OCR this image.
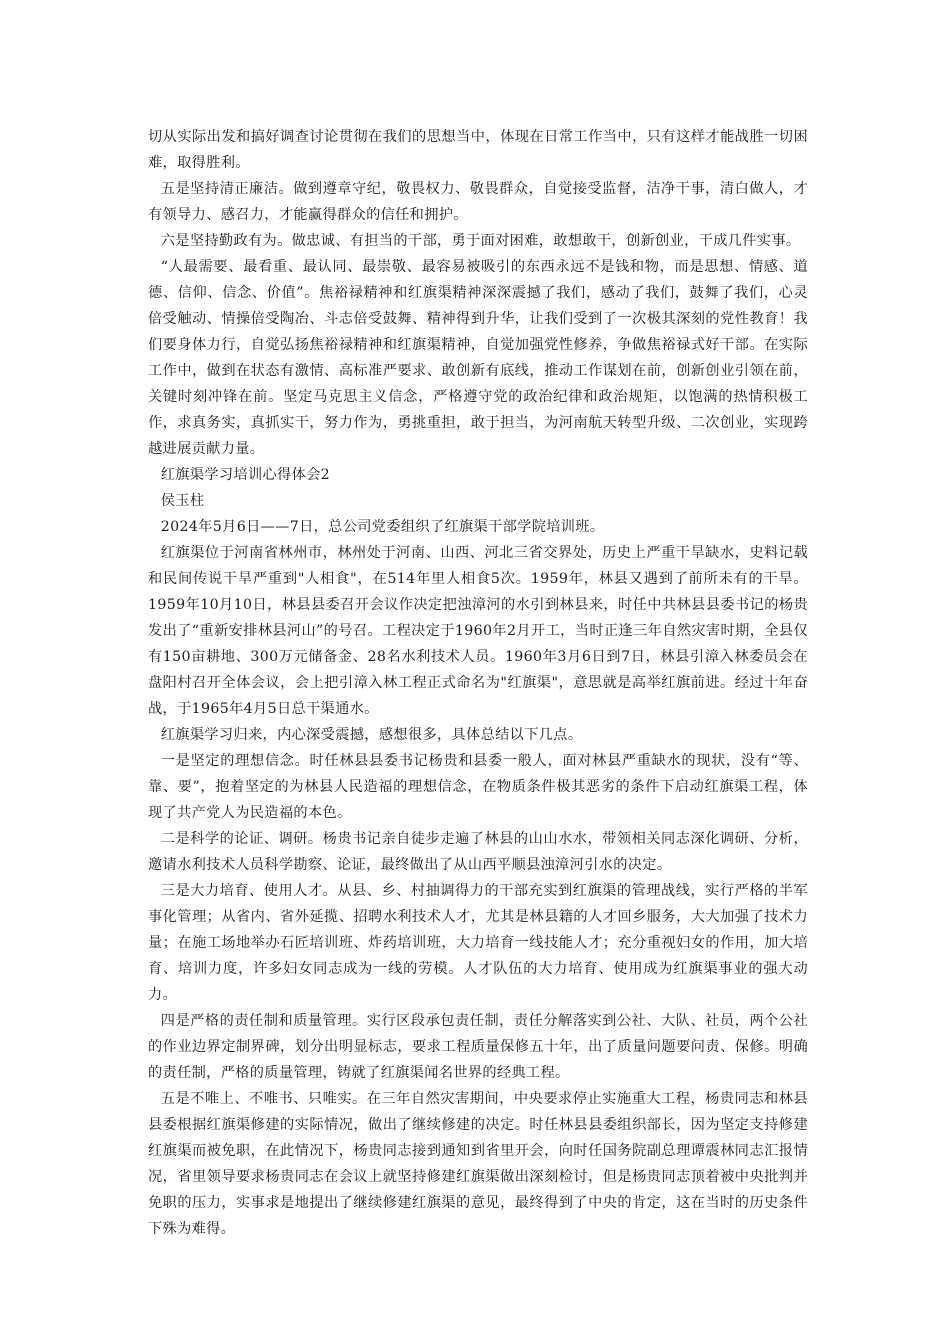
切从实际出发和搞好调查讨论贯彻在我们的思想当中，体现在日常工作当中，只有这样才能战胜一切困难，取得胜利。

五是坚持清正廉洁。做到遵章守纪，敬畏权力、敬畏群众，自觉接受监督，洁净干事，清白做人，才有领导力、感召力，才能赢得群众的信任和拥护。

六是坚持勤政有为。做忠诚、有担当的干部，勇于面对困难，敢想敢干，创新创业，干成几件实事。

“人最需要、最看重、最认同、最崇敬、最容易被吸引的东西永远不是钱和物，而是思想、情感、道德、信仰、信念、价值”。焦裕禄精神和红旗渠精神深深震撼了我们，感动了我们，鼓舞了我们，心灵倍受触动、情操倍受陶冶、斗志倍受鼓舞、精神得到升华，让我们受到了一次极其深刻的党性教育！我们要身体力行，自觉弘扬焦裕禄精神和红旗渠精神，自觉加强党性修养，争做焦裕禄式好干部。在实际工作中，做到在状态有激情、高标准严要求、敢创新有底线，推动工作谋划在前，创新创业引领在前，关键时刻冲锋在前。坚定马克思主义信念，严格遵守党的政治纪律和政治规矩，以饱满的热情积极工作，求真务实，真抓实干，努力作为，勇挑重担，敢于担当，为河南航天转型升级、二次创业，实现跨越进展贡献力量。

红旗渠学习培训心得体会2

侯玉柱

2024年5月6日——7日，总公司党委组织了红旗渠干部学院培训班。

红旗渠位于河南省林州市，林州处于河南、山西、河北三省交界处，历史上严重干旱缺水，史料记载和民间传说干旱严重到"人相食"，在514年里人相食5次。1959年，林县又遇到了前所未有的干旱。1959年10月10日，林县县委召开会议作决定把浊漳河的水引到林县来，时任中共林县县委书记的杨贵发出了“重新安排林县河山”的号召。工程决定于1960年2月开工，当时正逢三年自然灾害时期，全县仅有150亩耕地、300万元储备金、28名水利技术人员。1960年3月6日到7日，林县引漳入林委员会在盘阳村召开全体会议，会上把引漳入林工程正式命名为"红旗渠"，意思就是高举红旗前进。经过十年奋战，于1965年4月5日总干渠通水。

红旗渠学习归来，内心深受震撼，感想很多，具体总结以下几点。

一是坚定的理想信念。时任林县县委书记杨贵和县委一般人，面对林县严重缺水的现状，没有“等、靠、要”，抱着坚定的为林县人民造福的理想信念，在物质条件极其恶劣的条件下启动红旗渠工程，体现了共产党人为民造福的本色。

二是科学的论证、调研。杨贵书记亲自徒步走遍了林县的山山水水，带领相关同志深化调研、分析，邀请水利技术人员科学勘察、论证，最终做出了从山西平顺县浊漳河引水的决定。

三是大力培育、使用人才。从县、乡、村抽调得力的干部充实到红旗渠的管理战线，实行严格的半军事化管理；从省内、省外延揽、招聘水利技术人才，尤其是林县籍的人才回乡服务，大大加强了技术力量；在施工场地举办石匠培训班、炸药培训班，大力培育一线技能人才；充分重视妇女的作用，加大培育、培训力度，许多妇女同志成为一线的劳模。人才队伍的大力培育、使用成为红旗渠事业的强大动力。

四是严格的责任制和质量管理。实行区段承包责任制，责任分解落实到公社、大队、社员，两个公社的作业边界定制界碑，划分出明显标志，要求工程质量保修五十年，出了质量问题要问责、保修。明确的责任制，严格的质量管理，铸就了红旗渠闻名世界的经典工程。

五是不唯上、不唯书、只唯实。在三年自然灾害期间，中央要求停止实施重大工程，杨贵同志和林县县委根据红旗渠修建的实际情况，做出了继续修建的决定。时任林县县委组织部长，因为坚定支持修建红旗渠而被免职，在此情况下，杨贵同志接到通知到省里开会，向时任国务院副总理谭震林同志汇报情况，省里领导要求杨贵同志在会议上就坚持修建红旗渠做出深刻检讨，但是杨贵同志顶着被中央批判并免职的压力，实事求是地提出了继续修建红旗渠的意见，最终得到了中央的肯定，这在当时的历史条件下殊为难得。
